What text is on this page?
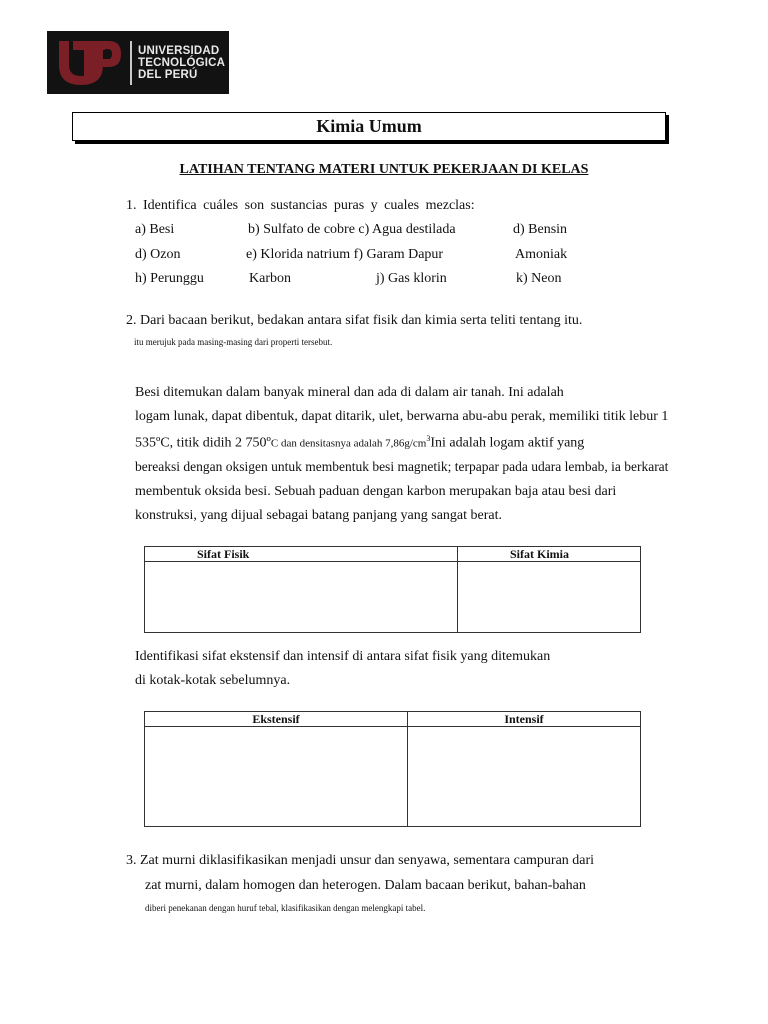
UNIVERSIDAD
TECNOLÓGICA
DEL PERÚ
Kimia Umum
LATIHAN TENTANG MATERI UNTUK PEKERJAAN DI KELAS
1. Identifica cuáles son sustancias puras y cuales mezclas:
a) Besi	b) Sulfato de cobre c) Agua destilada	d) Bensin
d) Ozon	e) Klorida natrium f) Garam Dapur	Amoniak
h) Perunggu	Karbon	j) Gas klorin	k) Neon
2. Dari bacaan berikut, bedakan antara sifat fisik dan kimia serta teliti tentang itu.
itu merujuk pada masing-masing dari properti tersebut.
Besi ditemukan dalam banyak mineral dan ada di dalam air tanah. Ini adalah
logam lunak, dapat dibentuk, dapat ditarik, ulet, berwarna abu-abu perak, memiliki titik lebur 1
535ºC, titik didih 2 750ºC dan densitasnya adalah $7,86g/cm^3Ini$ adalah logam aktif yang
bereaksi dengan oksigen untuk membentuk besi magnetik; terpapar pada udara lembab, ia berkarat
membentuk oksida besi. Sebuah paduan dengan karbon merupakan baja atau besi dari
konstruksi, yang dijual sebagai batang panjang yang sangat berat.
Sifat Fisik	Sifat Kimia

Identifikasi sifat ekstensif dan intensif di antara sifat fisik yang ditemukan
di kotak-kotak sebelumnya.
Ekstensif	Intensif

3. Zat murni diklasifikasikan menjadi unsur dan senyawa, sementara campuran dari
zat murni, dalam homogen dan heterogen. Dalam bacaan berikut, bahan-bahan
diberi penekanan dengan huruf tebal, klasifikasikan dengan melengkapi tabel.
